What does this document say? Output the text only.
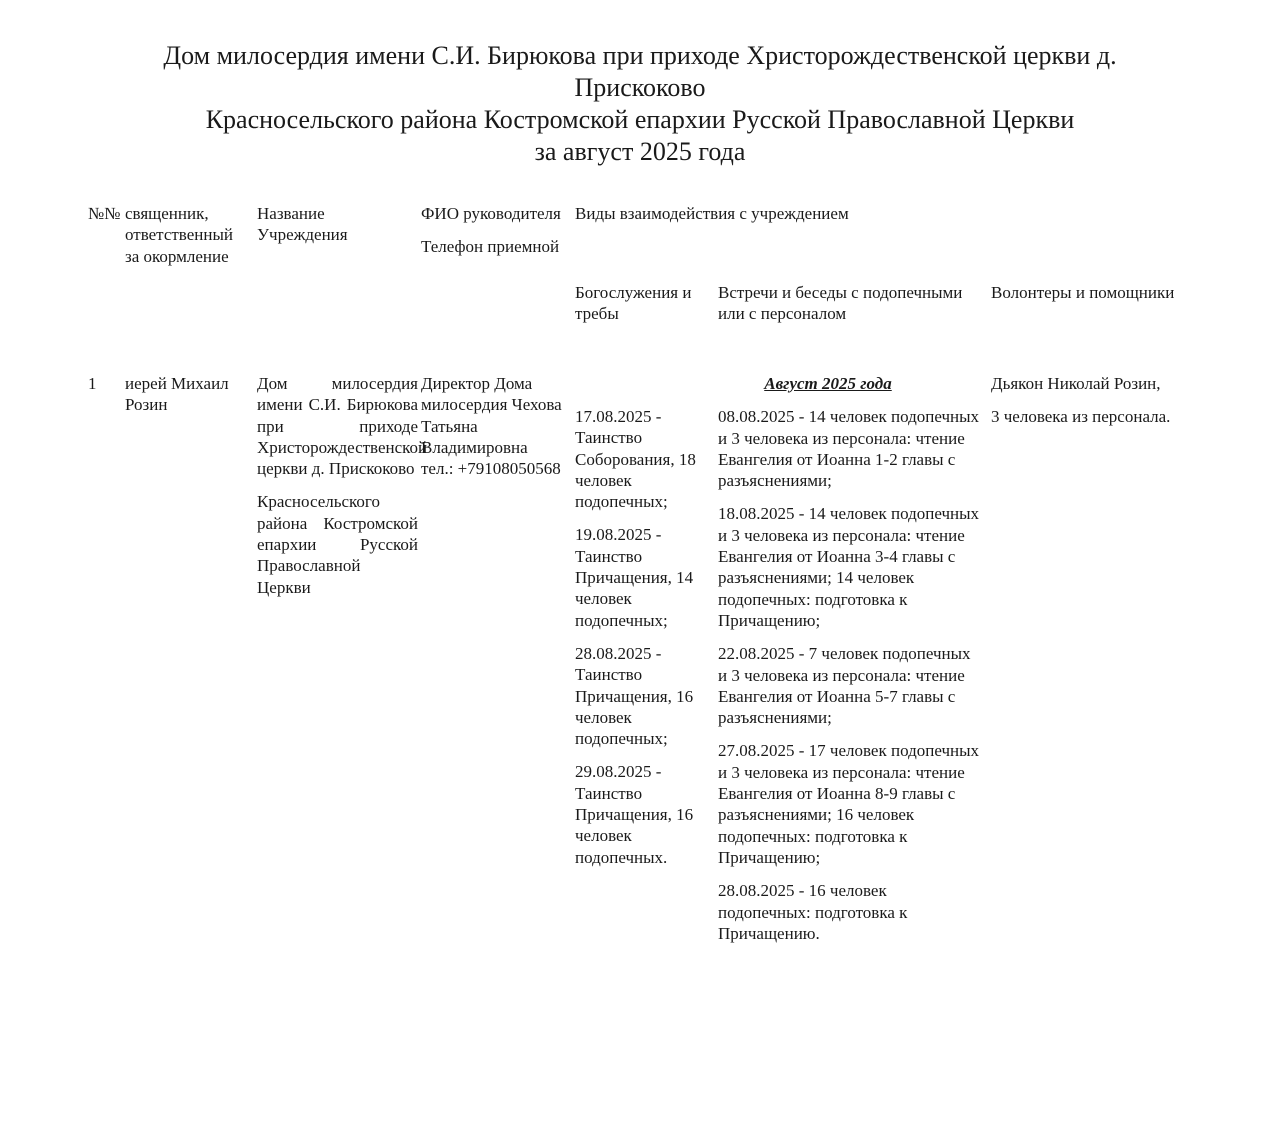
Дом милосердия имени С.И. Бирюкова при приходе Христорождественской церкви д.
Прискоково
Красносельского района Костромской епархии Русской Православной Церкви
за август 2025 года
№№ священник, ответственный за окормление
Название Учреждения
ФИО руководителя
Телефон приемной
Виды взаимодействия с учреждением
Богослужения и требы
Встречи и беседы с подопечными или с персоналом
Волонтеры и помощники
1	иерей Михаил Розин

Дом милосердия имени С.И. Бирюкова при приходе Христорождественской церкви д. Прискоково

Красносельского района Костромской епархии Русской Православной Церкви

Директор Дома милосердия Чехова Татьяна Владимировна

тел.: +79108050568

17.08.2025 - Таинство Соборования, 18 человек подопечных;

19.08.2025 - Таинство Причащения, 14 человек подопечных;

28.08.2025 - Таинство Причащения, 16 человек подопечных;

29.08.2025 - Таинство Причащения, 16 человек подопечных.

Август 2025 года

08.08.2025 - 14 человек подопечных и 3 человека из персонала: чтение Евангелия от Иоанна 1-2 главы с разъяснениями;

18.08.2025 - 14 человек подопечных и 3 человека из персонала: чтение Евангелия от Иоанна 3-4 главы с разъяснениями; 14 человек подопечных: подготовка к Причащению;

22.08.2025 - 7 человек подопечных и 3 человека из персонала: чтение Евангелия от Иоанна 5-7 главы с разъяснениями;

27.08.2025 - 17 человек подопечных и 3 человека из персонала: чтение Евангелия от Иоанна 8-9 главы с разъяснениями; 16 человек подопечных: подготовка к Причащению;

28.08.2025 - 16 человек подопечных: подготовка к Причащению.

Дьякон Николай Розин,

3 человека из персонала.
